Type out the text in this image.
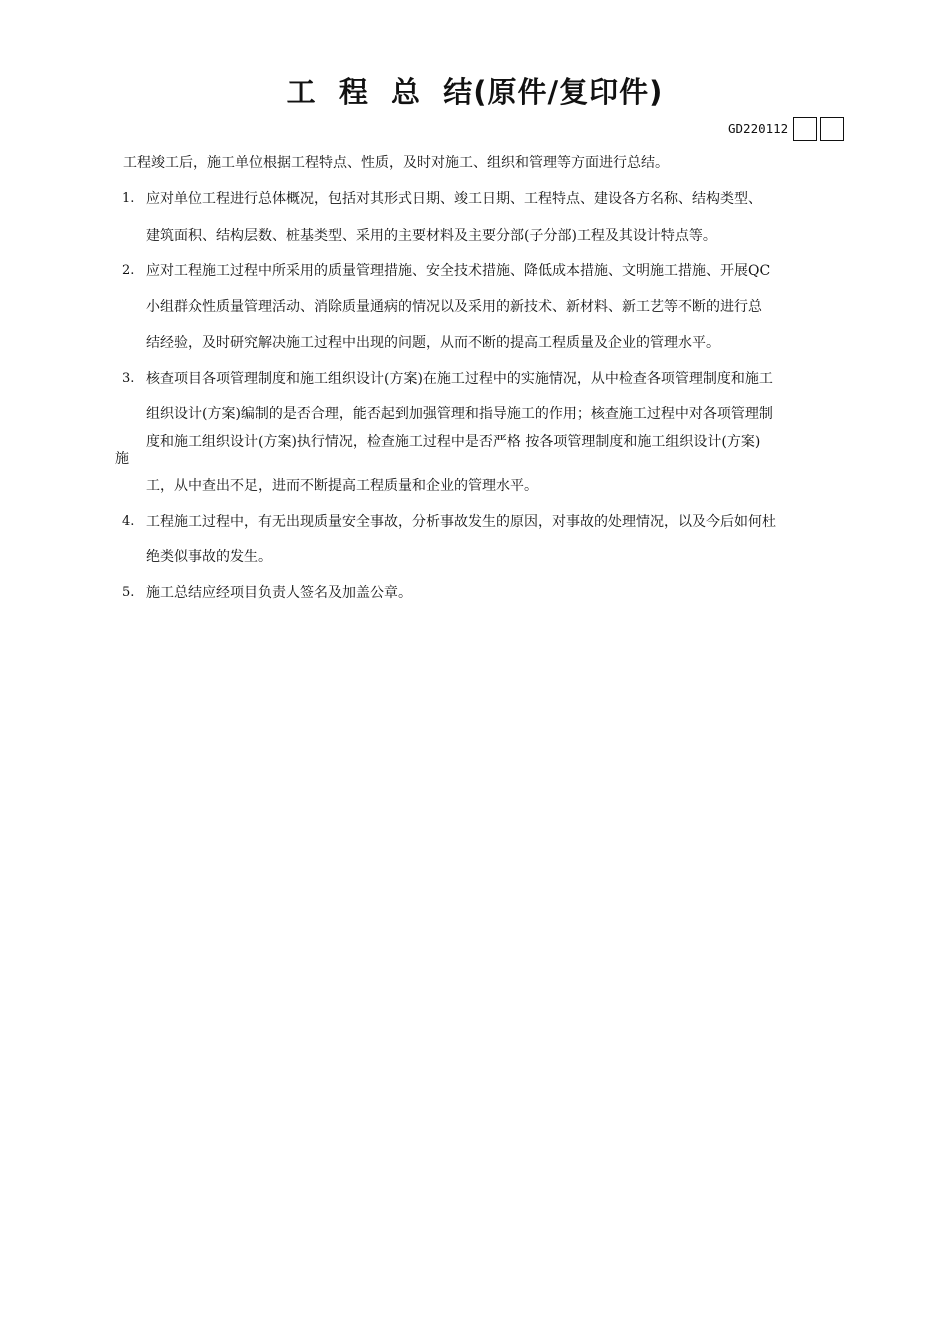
工  程  总  结(原件/复印件)
GD220112
工程竣工后，施工单位根据工程特点、性质，及时对施工、组织和管理等方面进行总结。
1. 应对单位工程进行总体概况，包括对其形式日期、竣工日期、工程特点、建设各方名称、结构类型、
建筑面积、结构层数、桩基类型、采用的主要材料及主要分部(子分部)工程及其设计特点等。
2. 应对工程施工过程中所采用的质量管理措施、安全技术措施、降低成本措施、文明施工措施、开展QC
小组群众性质量管理活动、消除质量通病的情况以及采用的新技术、新材料、新工艺等不断的进行总
结经验，及时研究解决施工过程中出现的问题，从而不断的提高工程质量及企业的管理水平。
3. 核查项目各项管理制度和施工组织设计(方案)在施工过程中的实施情况，从中检查各项管理制度和施工
组织设计(方案)编制的是否合理，能否起到加强管理和指导施工的作用；核查施工过程中对各项管理制
度和施工组织设计(方案)执行情况，检查施工过程中是否严格 按各项管理制度和施工组织设计(方案)
施
工，从中查出不足，进而不断提高工程质量和企业的管理水平。
4. 工程施工过程中，有无出现质量安全事故，分析事故发生的原因，对事故的处理情况，以及今后如何杜
绝类似事故的发生。
5. 施工总结应经项目负责人签名及加盖公章。
